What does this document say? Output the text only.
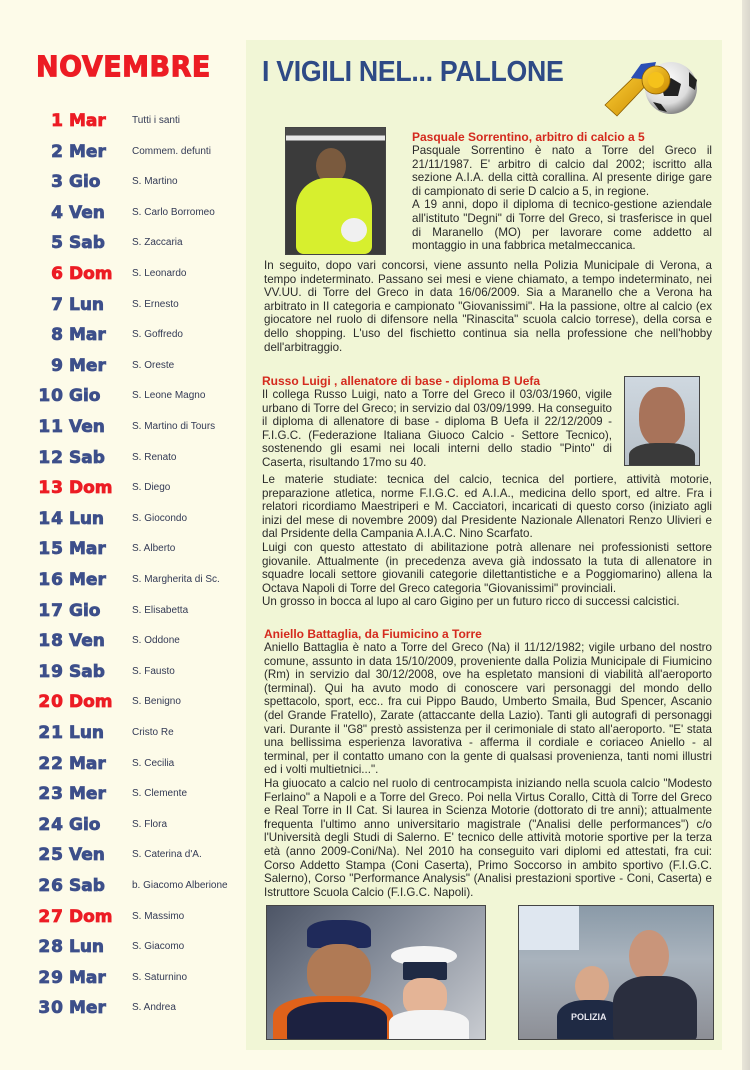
NOVEMBRE
1 Mar	Tutti i santi
2 Mer	Commem. defunti
3 Gio	S. Martino
4 Ven	S. Carlo Borromeo
5 Sab	S. Zaccaria
6 Dom S. Leonardo
7 Lun	S. Ernesto
8 Mar	S. Goffredo
9 Mer	S. Oreste
10 Gio	S. Leone Magno
11 Ven	S. Martino di Tours
12 Sab	S. Renato
13 Dom S. Diego
14 Lun	S. Giocondo
15 Mar	S. Alberto
16 Mer	S. Margherita di Sc.
17 Gio	S. Elisabetta
18 Ven	S. Oddone
19 Sab	S. Fausto
20 Dom S. Benigno
21 Lun	Cristo Re
22 Mar	S. Cecilia
23 Mer	S. Clemente
24 Gio	S. Flora
25 Ven	S. Caterina d'A.
26 Sab	b. Giacomo Alberione
27 Dom S. Massimo
28 Lun	S. Giacomo
29 Mar	S. Saturnino
30 Mer	S. Andrea
I VIGILI NEL... PALLONE

Pasquale Sorrentino, arbitro di calcio a 5

Pasquale Sorrentino è nato a Torre del Greco il 21/11/1987. E' arbitro di calcio dal 2002; iscritto alla sezione A.I.A. della città corallina. Al presente dirige gare di campionato di serie D calcio a 5, in regione.

A 19 anni, dopo il diploma di tecnico-gestione aziendale all'istituto "Degni" di Torre del Greco, si trasferisce in quel di Maranello (MO) per lavorare come addetto al montaggio in una fabbrica metalmeccanica.

In seguito, dopo vari concorsi, viene assunto nella Polizia Municipale di Verona, a tempo indeterminato. Passano sei mesi e viene chiamato, a tempo indeterminato, nei VV.UU. di Torre del Greco in data 16/06/2009. Sia a Maranello che a Verona ha arbitrato in II categoria e campionato "Giovanissimi". Ha la passione, oltre al calcio (ex giocatore nel ruolo di difensore nella "Rinascita" scuola calcio torrese), della corsa e dello shopping. L'uso del fischietto continua sia nella professione che nell'hobby dell'arbitraggio.

Russo Luigi , allenatore di base - diploma B Uefa

Il collega Russo Luigi, nato a Torre del Greco il 03/03/1960, vigile urbano di Torre del Greco; in servizio dal 03/09/1999. Ha conseguito il diploma di allenatore di base - diploma B Uefa il 22/12/2009 - F.I.G.C. (Federazione Italiana Giuoco Calcio - Settore Tecnico), sostenendo gli esami nei locali interni dello stadio "Pinto" di Caserta, risultando 17mo su 40.

Le materie studiate: tecnica del calcio, tecnica del portiere, attività motorie, preparazione atletica, norme F.I.G.C. ed A.I.A., medicina dello sport, ed altre. Fra i relatori ricordiamo Maestriperi e M. Cacciatori, incaricati di questo corso (iniziato agli inizi del mese di novembre 2009) dal Presidente Nazionale Allenatori Renzo Ulivieri e dal Prsidente della Campania A.I.A.C. Nino Scarfato.

Luigi con questo attestato di abilitazione potrà allenare nei professionisti settore giovanile. Attualmente (in precedenza aveva già indossato la tuta di allenatore in squadre locali settore giovanili categorie dilettantistiche e a Poggiomarino) allena la Octava Napoli di Torre del Greco categoria "Giovanissimi" provinciali.

Un grosso in bocca al lupo al caro Gigino per un futuro ricco di successi calcistici.

Aniello Battaglia, da Fiumicino a Torre

Aniello Battaglia è nato a Torre del Greco (Na) il 11/12/1982; vigile urbano del nostro comune, assunto in data 15/10/2009, proveniente dalla Polizia Municipale di Fiumicino (Rm) in servizio dal 30/12/2008, ove ha espletato mansioni di viabilità all'aeroporto (terminal). Qui ha avuto modo di conoscere vari personaggi del mondo dello spettacolo, sport, ecc.. fra cui Pippo Baudo, Umberto Smaila, Bud Spencer, Ascanio (del Grande Fratello), Zarate (attaccante della Lazio). Tanti gli autografi di personaggi vari. Durante il "G8" prestò assistenza per il cerimoniale di stato all'aeroporto. "E' stata una bellissima esperienza lavorativa - afferma il cordiale e coriaceo Aniello - al terminal, per il contatto umano con la gente di qualsasi provenienza, tanti nomi illustri ed i volti multietnici...".

Ha giuocato a calcio nel ruolo di centrocampista iniziando nella scuola calcio "Modesto Ferlaino" a Napoli e a Torre del Greco. Poi nella Virtus Corallo, Città di Torre del Greco e Real Torre in II Cat. Si laurea in Scienza Motorie (dottorato di tre anni); attualmente frequenta l'ultimo anno universitario magistrale ("Analisi delle performances") c/o l'Università degli Studi di Salerno. E' tecnico delle attività motorie sportive per la terza età (anno 2009-Coni/Na). Nel 2010 ha conseguito vari diplomi ed attestati, fra cui: Corso Addetto Stampa (Coni Caserta), Primo Soccorso in ambito sportivo (F.I.G.C. Salerno), Corso "Performance Analysis" (Analisi prestazioni sportive - Coni, Caserta) e Istruttore Scuola Calcio (F.I.G.C. Napoli).

POLIZIA
